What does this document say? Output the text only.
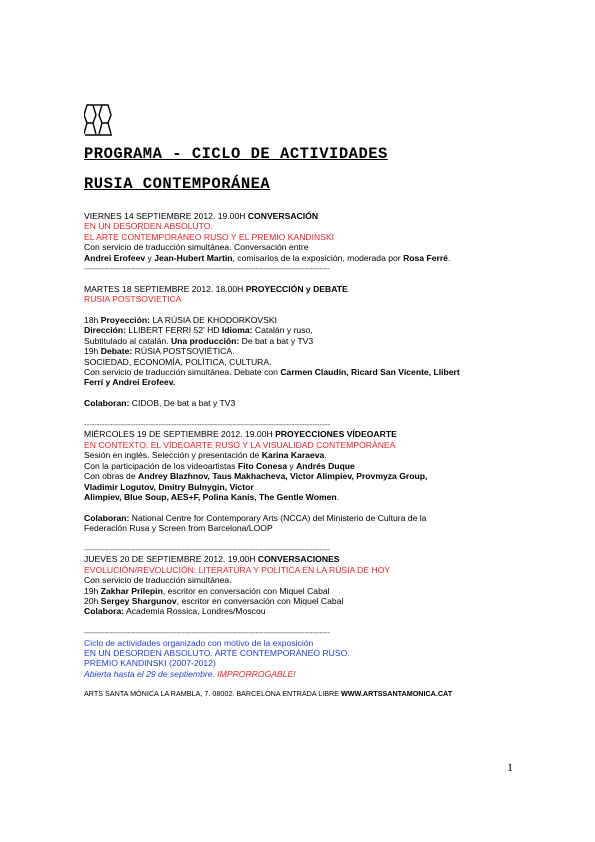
PROGRAMA - CICLO DE ACTIVIDADES
RUSIA CONTEMPORÁNEA

VIERNES 14 SEPTIEMBRE 2012. 19.00H CONVERSACIÓN

EN UN DESORDEN ABSOLUTO.

EL ARTE CONTEMPORÁNEO RUSO Y EL PREMIO KANDINSKI

Con servicio de traducción simultánea. Conversación entre

Andrei Erofeev y Jean-Hubert Martin, comisarios de la exposición, moderada por Rosa Ferré.

------------------------------------------------------------------------------------------------

MARTES 18 SEPTIEMBRE 2012. 18.00H PROYECCIÓN y DEBATE

RUSIA POSTSOVIETICA

18h Proyección: LA RÚSIA DE KHODORKOVSKI

Dirección: LLIBERT FERRI 52' HD Idioma: Catalán y ruso,

Subtitulado al catalán. Una producción: De bat a bat y TV3

19h Debate: RÚSIA POSTSOVIÉTICA.

SOCIEDAD, ECONOMÍA, POLÍTICA, CULTURA.

Con servicio de traducción simultánea. Debate con Carmen Claudín, Ricard San Vicente, Llibert

Ferrí y Andrei Erofeev.

Colaboran: CIDOB, De bat a bat y TV3

------------------------------------------------------------------------------------------------

MIÉRCOLES 19 DE SEPTIEMBRE 2012. 19.00H PROYECCIONES VÍDEOARTE

EN CONTEXTO. EL VÍDEOARTE RUSO Y LA VISUALIDAD CONTEMPORÁNEA

Sesión en inglés. Selección y presentación de Karina Karaeva.

Con la participación de los videoartistas Fito Conesa y Andrés Duque

Con obras de Andrey Blazhnov, Taus Makhacheva, Victor Alimpiev, Provmyza Group,

Vladimir Logutov, Dmitry Bulnygin, Victor

Alimpiev, Blue Soup, AES+F, Polina Kanis, The Gentle Women.

Colaboran: National Centre for Contemporary Arts (NCCA) del Ministerio de Cultura de la

Federación Rusa y Screen from Barcelona/LOOP

------------------------------------------------------------------------------------------------

JUEVES 20 DE SEPTIEMBRE 2012. 19.00H CONVERSACIONES

EVOLUCIÓN/REVOLUCIÓN: LITERATURA Y POLÍTICA EN LA RÚSIA DE HOY

Con servicio de traducción simultánea.

19h Zakhar Prilepin, escritor en conversación con Miquel Cabal

20h Sergey Shargunov, escritor en conversación con Miquel Cabal

Colabora: Academia Rossica, Londres/Moscou

------------------------------------------------------------------------------------------------

Ciclo de actividades organizado con motivo de la exposición

EN UN DESORDEN ABSOLUTO. ARTE CONTEMPORÁNEO RUSO.

PREMIO KANDINSKI (2007-2012)

Abierta hasta el 29 de septiembre. IMPRORROGABLE!

ARTS SANTA MÒNICA LA RAMBLA, 7. 08002. BARCELONA ENTRADA LIBRE WWW.ARTSSANTAMONICA.CAT

1
